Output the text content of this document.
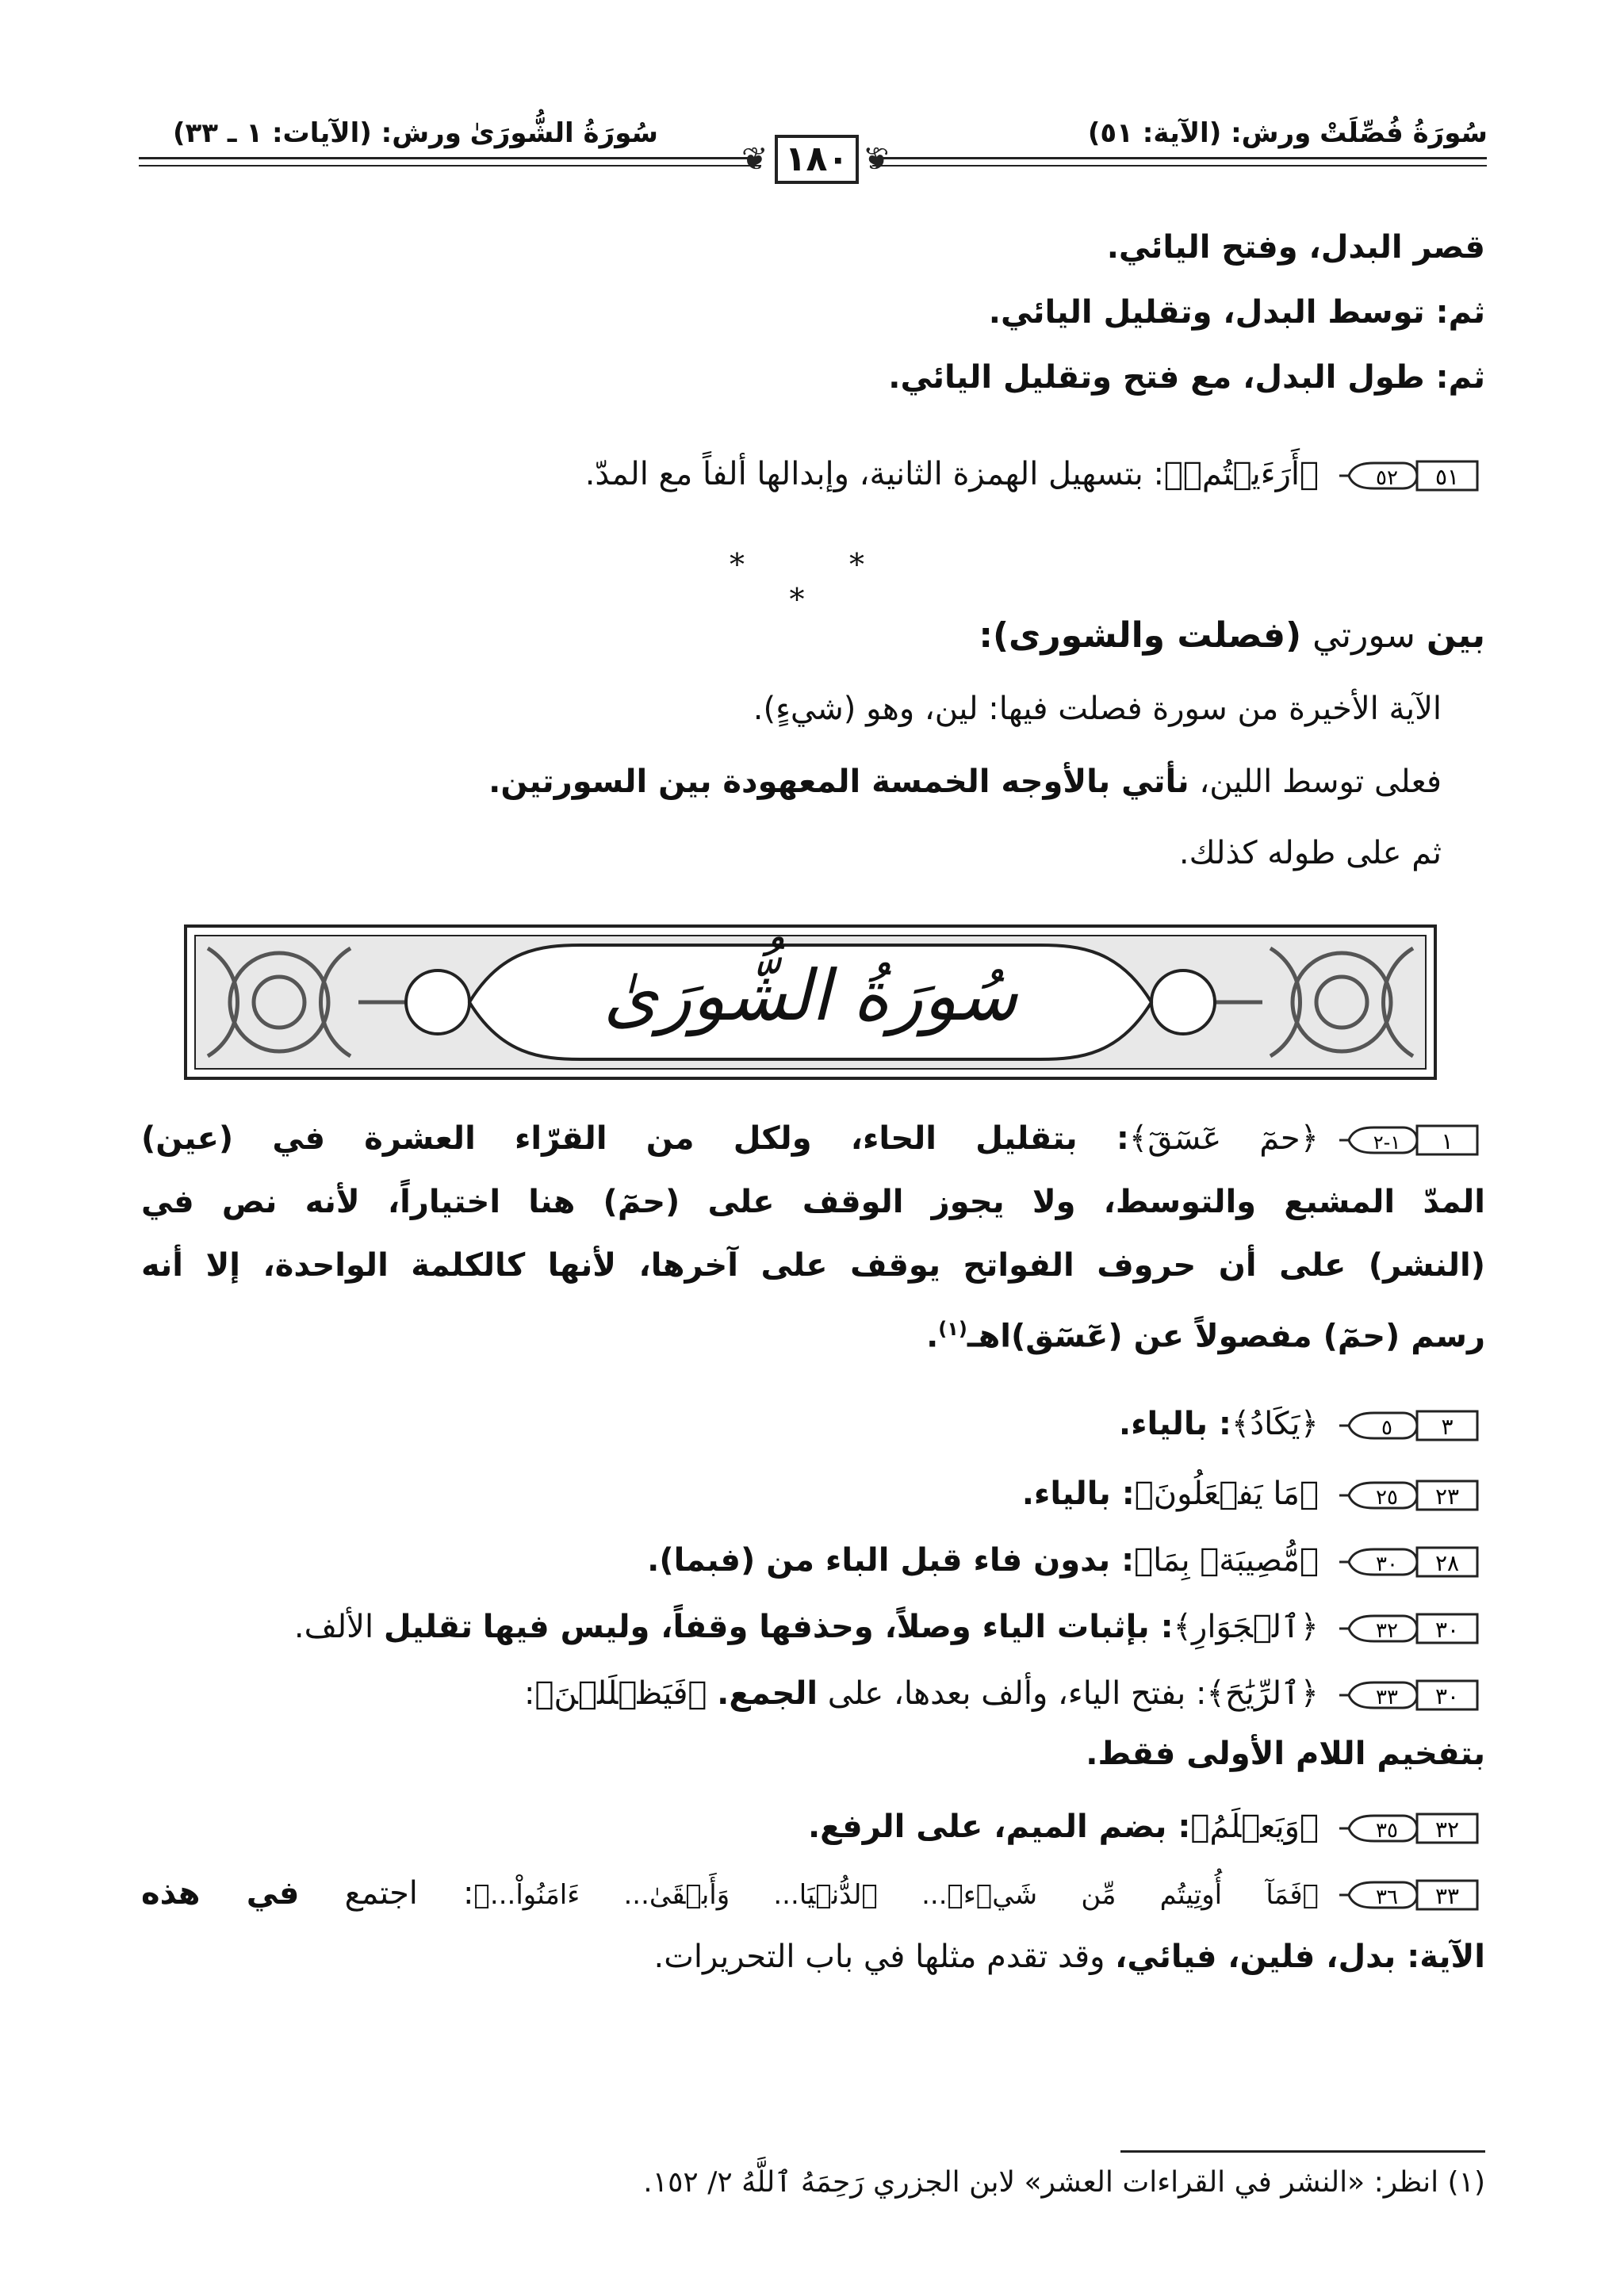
سُورَةُ فُصِّلَتْ ورش: (الآية: ٥١)
سُورَةُ الشُّورَىٰ ورش: (الآيات: ١ ـ ٣٣)
❦	❦
١٨٠
قصر البدل، وفتح اليائي.
ثم: توسط البدل، وتقليل اليائي.
ثم: طول البدل، مع فتح وتقليل اليائي.
٥١
٥٢
﴿أَرَءَيۡتُمۡ﴾: بتسهيل الهمزة الثانية، وإبدالها ألفاً مع المدّ.
* * *
بين سورتي (فصلت والشورى):
الآية الأخيرة من سورة فصلت فيها: لين، وهو (شيءٍ).
فعلى توسط اللين، نأتي بالأوجه الخمسة المعهودة بين السورتين.
ثم على طوله كذلك.
سُورَةُ الشُّورَىٰ
١
١-٢
﴿حمٓ عٓسٓقٓ﴾: بتقليل الحاء، ولكل من القرّاء العشرة في (عين)
المدّ المشبع والتوسط، ولا يجوز الوقف على (حمٓ) هنا اختياراً، لأنه نص في
(النشر) على أن حروف الفواتح يوقف على آخرها، لأنها كالكلمة الواحدة، إلا أنه
رسم (حمٓ) مفصولاً عن (عٓسٓق)اهـ$^{(١)}$.
٣
٥
﴿يَكَادُ﴾: بالياء.
٢٣
٢٥
﴿مَا يَفۡعَلُونَ﴾: بالياء.
٢٨
٣٠
﴿مُّصِيبَةٖ بِمَا﴾: بدون فاء قبل الباء من (فبما).
٣٠
٣٢
﴿ٱلۡجَوَارِ﴾: بإثبات الياء وصلاً، وحذفها وقفاً، وليس فيها تقليل الألف.
٣٠
٣٣
﴿ٱلرِّيَٰحَ﴾: بفتح الياء، وألف بعدها، على الجمع. ﴿فَيَظۡلَلۡنَ﴾:
بتفخيم اللام الأولى فقط.
٣٢
٣٥
﴿وَيَعۡلَمُ﴾: بضم الميم، على الرفع.
٣٣
٣٦
﴿فَمَآ أُوتِيتُم مِّن شَيۡءٖ... ٱلدُّنۡيَا... وَأَبۡقَىٰ... ءَامَنُواْ...﴾: اجتمع في هذه
الآية: بدل، فلين، فيائي، وقد تقدم مثلها في باب التحريرات.
(١) انظر: «النشر في القراءات العشر» لابن الجزري رَحِمَهُ ٱللَّهُ ٢/ ١٥٢.
